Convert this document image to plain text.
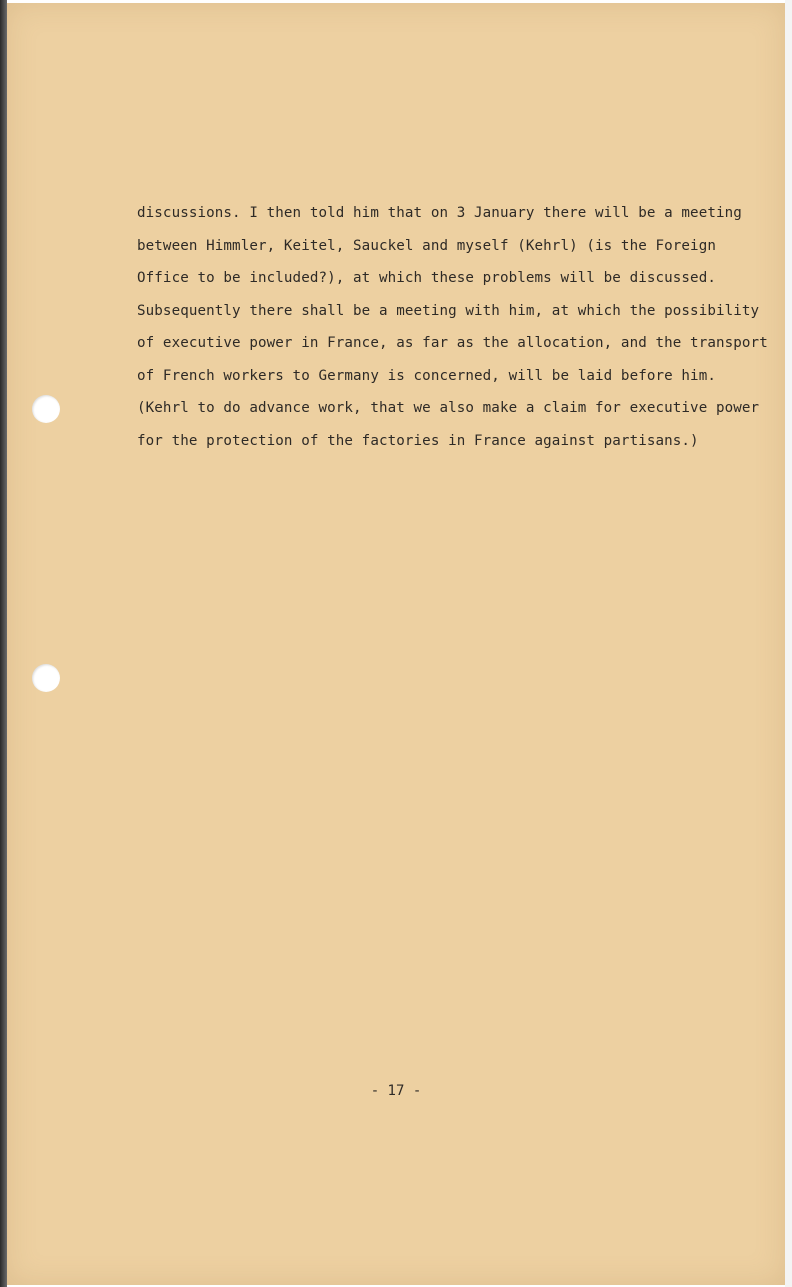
discussions. I then told him that on 3 January there will be a meeting
between Himmler, Keitel, Sauckel and myself (Kehrl) (is the Foreign
Office to be included?), at which these problems will be discussed.
Subsequently there shall be a meeting with him, at which the possibility
of executive power in France, as far as the allocation, and the transport
of French workers to Germany is concerned, will be laid before him.
(Kehrl to do advance work, that we also make a claim for executive power
for the protection of the factories in France against partisans.)
- 17 -
